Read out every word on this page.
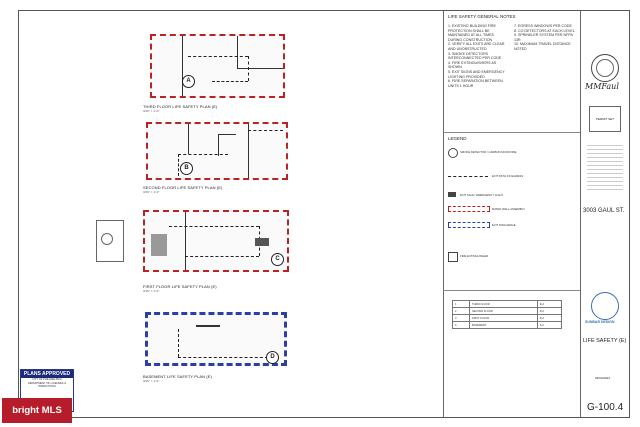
A
THIRD FLOOR LIFE SAFETY PLAN (E)
3/16" = 1'-0"
B
SECOND FLOOR LIFE SAFETY PLAN (E)
3/16" = 1'-0"
C
FIRST FLOOR LIFE SAFETY PLAN (E)
3/16" = 1'-0"
D
BASEMENT LIFE SAFETY PLAN (E)
3/16" = 1'-0"
LIFE SAFETY GENERAL NOTES
1. EXISTING BUILDING FIRE PROTECTION SHALL BE MAINTAINED AT ALL TIMES DURING CONSTRUCTION
2. VERIFY ALL EXITS ARE CLEAR AND UNOBSTRUCTED
3. SMOKE DETECTORS INTERCONNECTED PER CODE
4. FIRE EXTINGUISHERS AS SHOWN
5. EXIT SIGNS AND EMERGENCY LIGHTING PROVIDED
6. FIRE SEPARATION BETWEEN UNITS 1 HOUR
7. EGRESS WINDOWS PER CODE
8. CO DETECTORS AT EACH LEVEL
9. SPRINKLER SYSTEM PER NFPA 13R
10. MAXIMUM TRAVEL DISTANCE NOTED
LEGEND
SMOKE DETECTOR / CARBON MONOXIDE
EXIT PATH OF EGRESS
EXIT SIGN / EMERGENCY LIGHT
RATED WALL ASSEMBLY
EXIT DISCHARGE
FIRE EXTINGUISHER
1	THIRD FLOOR	R-2
2	SECOND FLOOR	R-2
3	FIRST FLOOR	R-2
4	BASEMENT	S-2
MMFaul
PERMIT SET
3003 GAUL ST.
SUNBAR DESIGN
LIFE SAFETY (E)
03/04/2024
G-100.4
PLANS APPROVED
CITY OF PHILADELPHIA
DEPARTMENT OF LICENSES & INSPECTIONS
bright MLS
